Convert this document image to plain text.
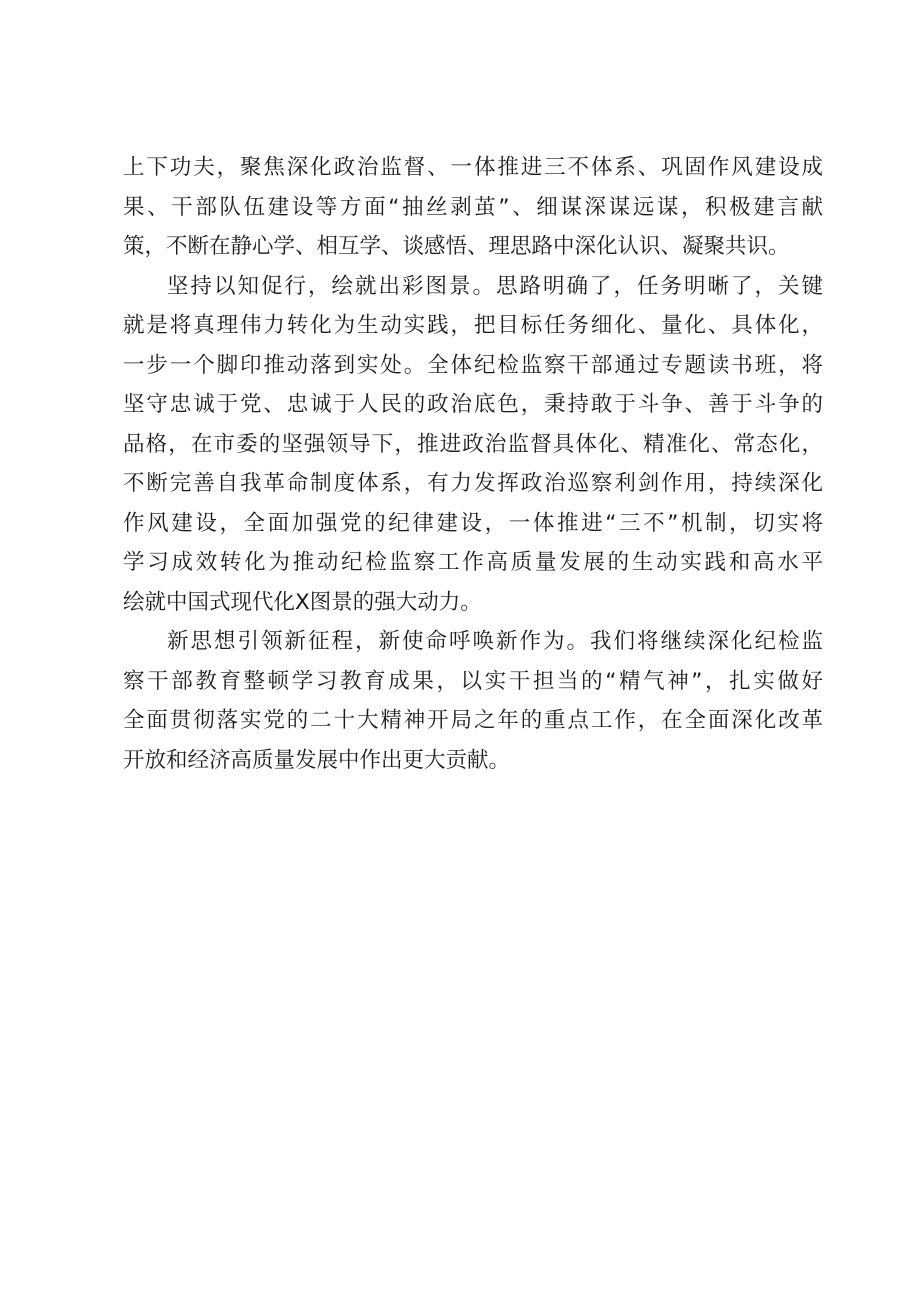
上下功夫，聚焦深化政治监督、一体推进三不体系、巩固作风建设成
果、干部队伍建设等方面“抽丝剥茧”、细谋深谋远谋，积极建言献
策，不断在静心学、相互学、谈感悟、理思路中深化认识、凝聚共识。
坚持以知促行，绘就出彩图景。思路明确了，任务明晰了，关键
就是将真理伟力转化为生动实践，把目标任务细化、量化、具体化，
一步一个脚印推动落到实处。全体纪检监察干部通过专题读书班，将
坚守忠诚于党、忠诚于人民的政治底色，秉持敢于斗争、善于斗争的
品格，在市委的坚强领导下，推进政治监督具体化、精准化、常态化，
不断完善自我革命制度体系，有力发挥政治巡察利剑作用，持续深化
作风建设，全面加强党的纪律建设，一体推进“三不”机制，切实将
学习成效转化为推动纪检监察工作高质量发展的生动实践和高水平
绘就中国式现代化X图景的强大动力。
新思想引领新征程，新使命呼唤新作为。我们将继续深化纪检监
察干部教育整顿学习教育成果，以实干担当的“精气神”，扎实做好
全面贯彻落实党的二十大精神开局之年的重点工作，在全面深化改革
开放和经济高质量发展中作出更大贡献。
